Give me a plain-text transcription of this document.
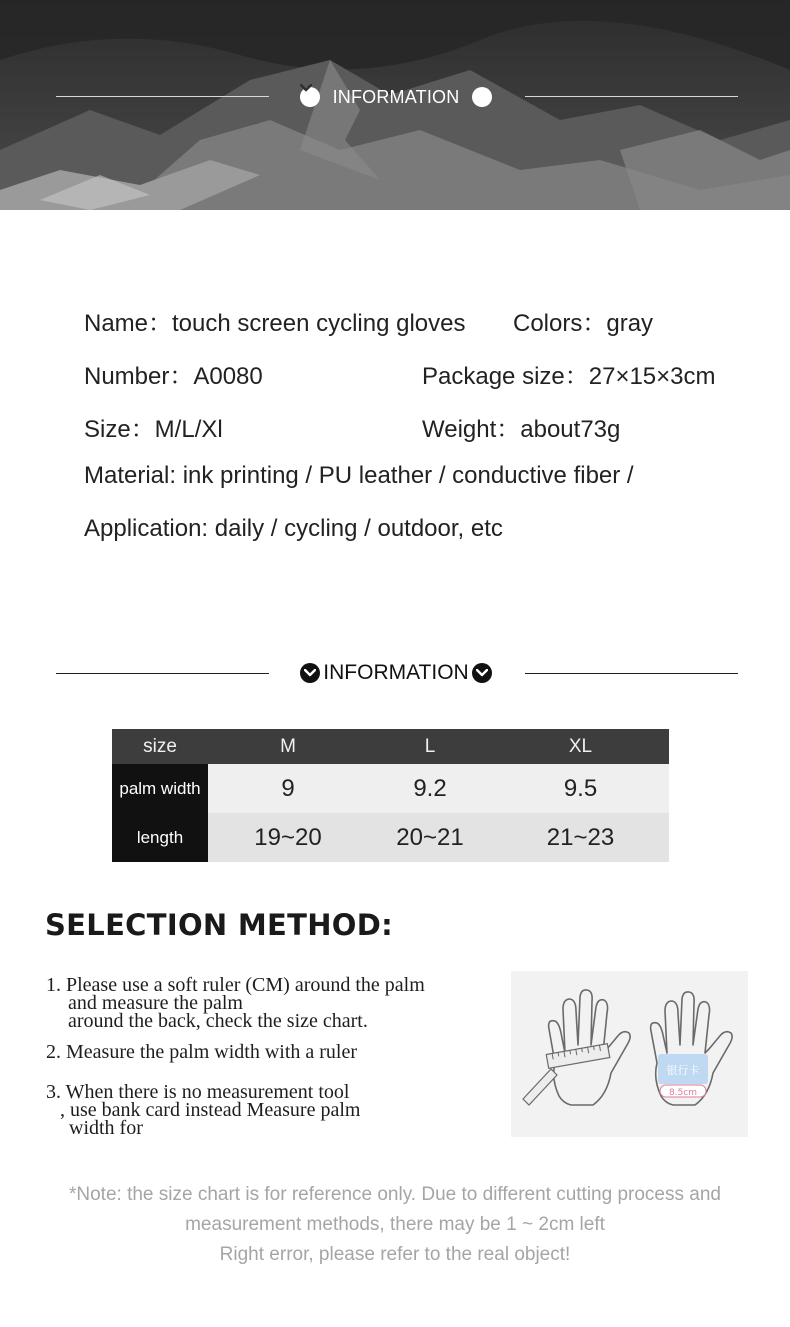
INFORMATION
Name：touch screen cycling gloves Colors：gray
Number：A0080	Package size：27×15×3cm
Size：M/L/Xl	Weight：about73g
Material: ink printing / PU leather / conductive fiber /
Application: daily / cycling / outdoor, etc
INFORMATION
size	M	L	XL
palm width	9	9.2	9.5
length	19~20	20~21	21~23
SELECTION METHOD:
1. Please use a soft ruler (CM) around the palm
and measure the palm
around the back, check the size chart.
2. Measure the palm width with a ruler
3. When there is no measurement tool
, use bank card instead Measure palm
width for
银行卡
8.5cm
*Note: the size chart is for reference only. Due to different cutting process and
measurement methods, there may be 1 ~ 2cm left
Right error, please refer to the real object!
